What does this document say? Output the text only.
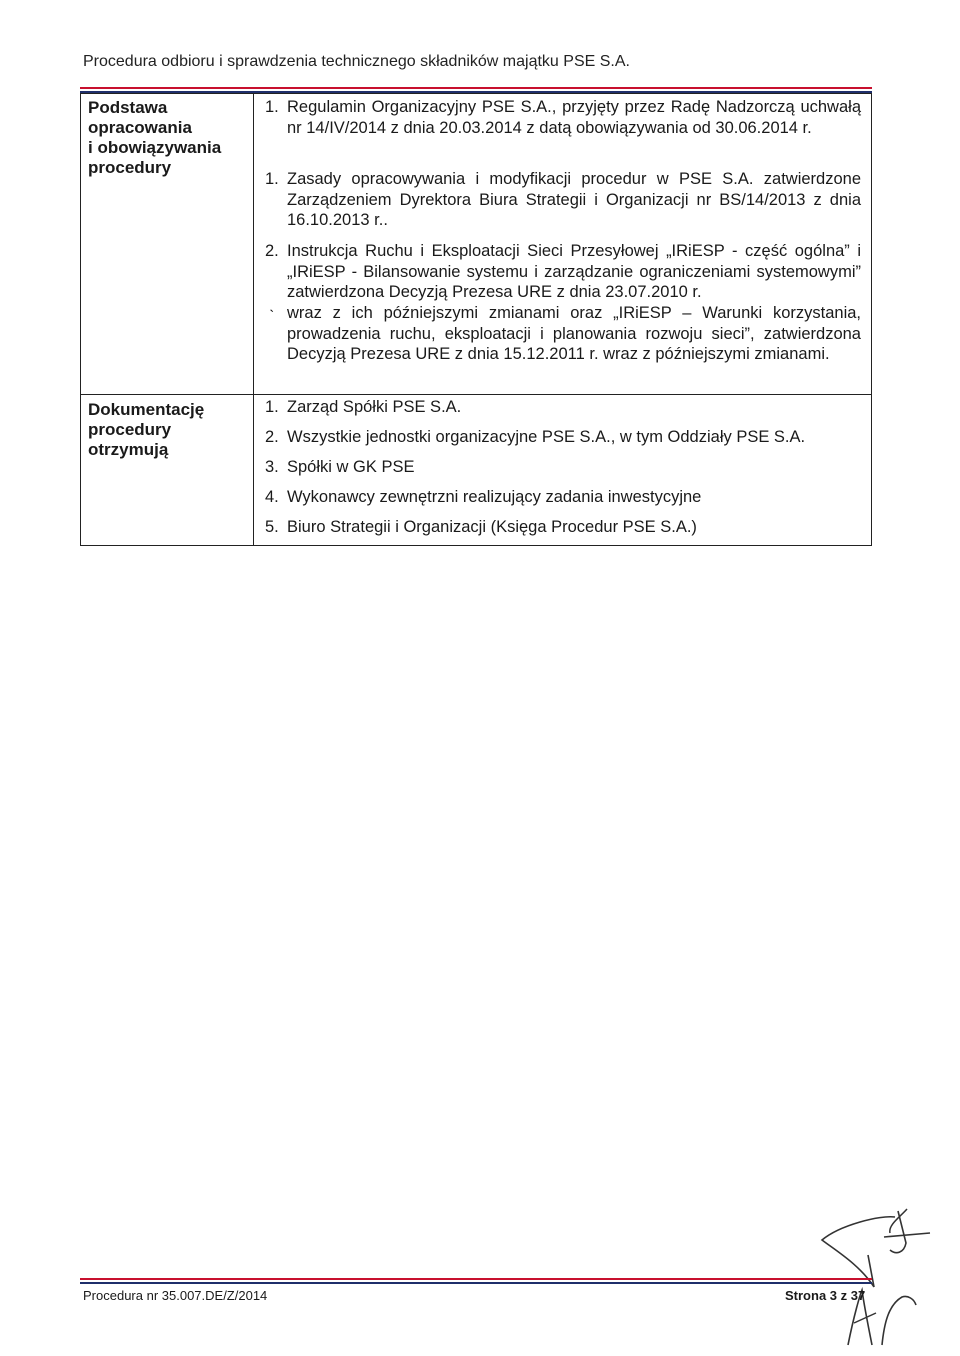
Procedura odbioru i sprawdzenia technicznego składników majątku PSE S.A.
Podstawa
opracowania
i obowiązywania
procedury
1. Regulamin Organizacyjny PSE S.A., przyjęty przez Radę Nadzorczą uchwałą nr 14/IV/2014 z dnia 20.03.2014 z datą obowiązywania od 30.06.2014 r.
1. Zasady opracowywania i modyfikacji procedur w PSE S.A. zatwierdzone Zarządzeniem Dyrektora Biura Strategii i Organizacji nr BS/14/2013 z dnia 16.10.2013 r..
2. Instrukcja Ruchu i Eksploatacji Sieci Przesyłowej „IRiESP - część ogólna” i „IRiESP - Bilansowanie systemu i zarządzanie ograniczeniami systemowymi” zatwierdzona Decyzją Prezesa URE z dnia 23.07.2010 r.
˴ wraz z ich późniejszymi zmianami oraz „IRiESP – Warunki korzystania, prowadzenia ruchu, eksploatacji i planowania rozwoju sieci”, zatwierdzona Decyzją Prezesa URE z dnia 15.12.2011 r. wraz z późniejszymi zmianami.
Dokumentację
procedury
otrzymują
1. Zarząd Spółki PSE S.A.
2. Wszystkie jednostki organizacyjne PSE S.A., w tym Oddziały PSE S.A.
3. Spółki w GK PSE
4. Wykonawcy zewnętrzni realizujący zadania inwestycyjne
5. Biuro Strategii i Organizacji (Księga Procedur PSE S.A.)
Procedura nr 35.007.DE/Z/2014	Strona 3 z 37
